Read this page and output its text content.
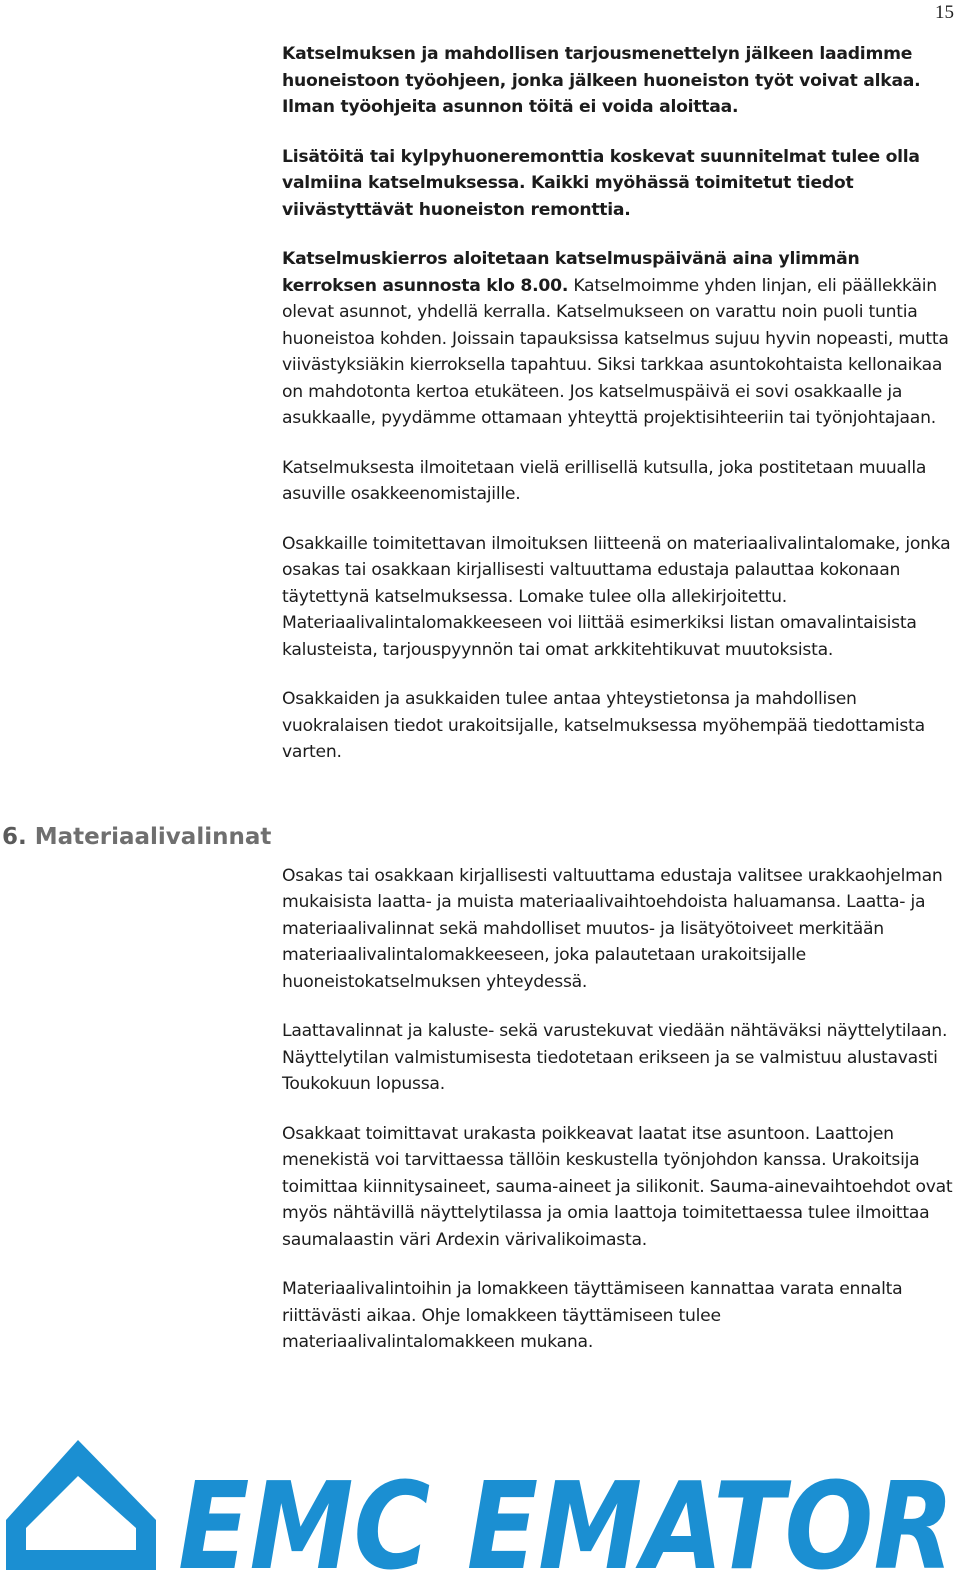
15

Katselmuksen ja mahdollisen tarjousmenettelyn jälkeen laadimme huoneistoon työohjeen, jonka jälkeen huoneiston työt voivat alkaa. Ilman työohjeita asunnon töitä ei voida aloittaa.

Lisätöitä tai kylpyhuoneremonttia koskevat suunnitelmat tulee olla valmiina katselmuksessa. Kaikki myöhässä toimitetut tiedot viivästyttävät huoneiston remonttia.

Katselmuskierros aloitetaan katselmuspäivänä aina ylimmän kerroksen asunnosta klo 8.00. Katselmoimme yhden linjan, eli päällekkäin olevat asunnot, yhdellä kerralla. Katselmukseen on varattu noin puoli tuntia huoneistoa kohden. Joissain tapauksissa katselmus sujuu hyvin nopeasti, mutta viivästyksiäkin kierroksella tapahtuu. Siksi tarkkaa asuntokohtaista kellonaikaa on mahdotonta kertoa etukäteen. Jos katselmuspäivä ei sovi osakkaalle ja asukkaalle, pyydämme ottamaan yhteyttä projektisihteeriin tai työnjohtajaan.

Katselmuksesta ilmoitetaan vielä erillisellä kutsulla, joka postitetaan muualla asuville osakkeenomistajille.

Osakkaille toimitettavan ilmoituksen liitteenä on materiaalivalintalomake, jonka osakas tai osakkaan kirjallisesti valtuuttama edustaja palauttaa kokonaan täytettynä katselmuksessa. Lomake tulee olla allekirjoitettu. Materiaalivalintalomakkeeseen voi liittää esimerkiksi listan omavalintaisista kalusteista, tarjouspyynnön tai omat arkkitehtikuvat muutoksista.

Osakkaiden ja asukkaiden tulee antaa yhteystietonsa ja mahdollisen vuokralaisen tiedot urakoitsijalle, katselmuksessa myöhempää tiedottamista varten.

Osakas tai osakkaan kirjallisesti valtuuttama edustaja valitsee urakkaohjelman mukaisista laatta- ja muista materiaalivaihtoehdoista haluamansa. Laatta- ja materiaalivalinnat sekä mahdolliset muutos- ja lisätyötoiveet merkitään materiaalivalintalomakkeeseen, joka palautetaan urakoitsijalle huoneistokatselmuksen yhteydessä.

Laattavalinnat ja kaluste- sekä varustekuvat viedään nähtäväksi näyttelytilaan. Näyttelytilan valmistumisesta tiedotetaan erikseen ja se valmistuu alustavasti Toukokuun lopussa.

Osakkaat toimittavat urakasta poikkeavat laatat itse asuntoon. Laattojen menekistä voi tarvittaessa tällöin keskustella työnjohdon kanssa. Urakoitsija toimittaa kiinnitysaineet, sauma-aineet ja silikonit. Sauma-ainevaihtoehdot ovat myös nähtävillä näyttelytilassa ja omia laattoja toimitettaessa tulee ilmoittaa saumalaastin väri Ardexin värivalikoimasta.

Materiaalivalintoihin ja lomakkeen täyttämiseen kannattaa varata ennalta riittävästi aikaa. Ohje lomakkeen täyttämiseen tulee materiaalivalintalomakkeen mukana.

6. Materiaalivalinnat
EMC EMATOR
